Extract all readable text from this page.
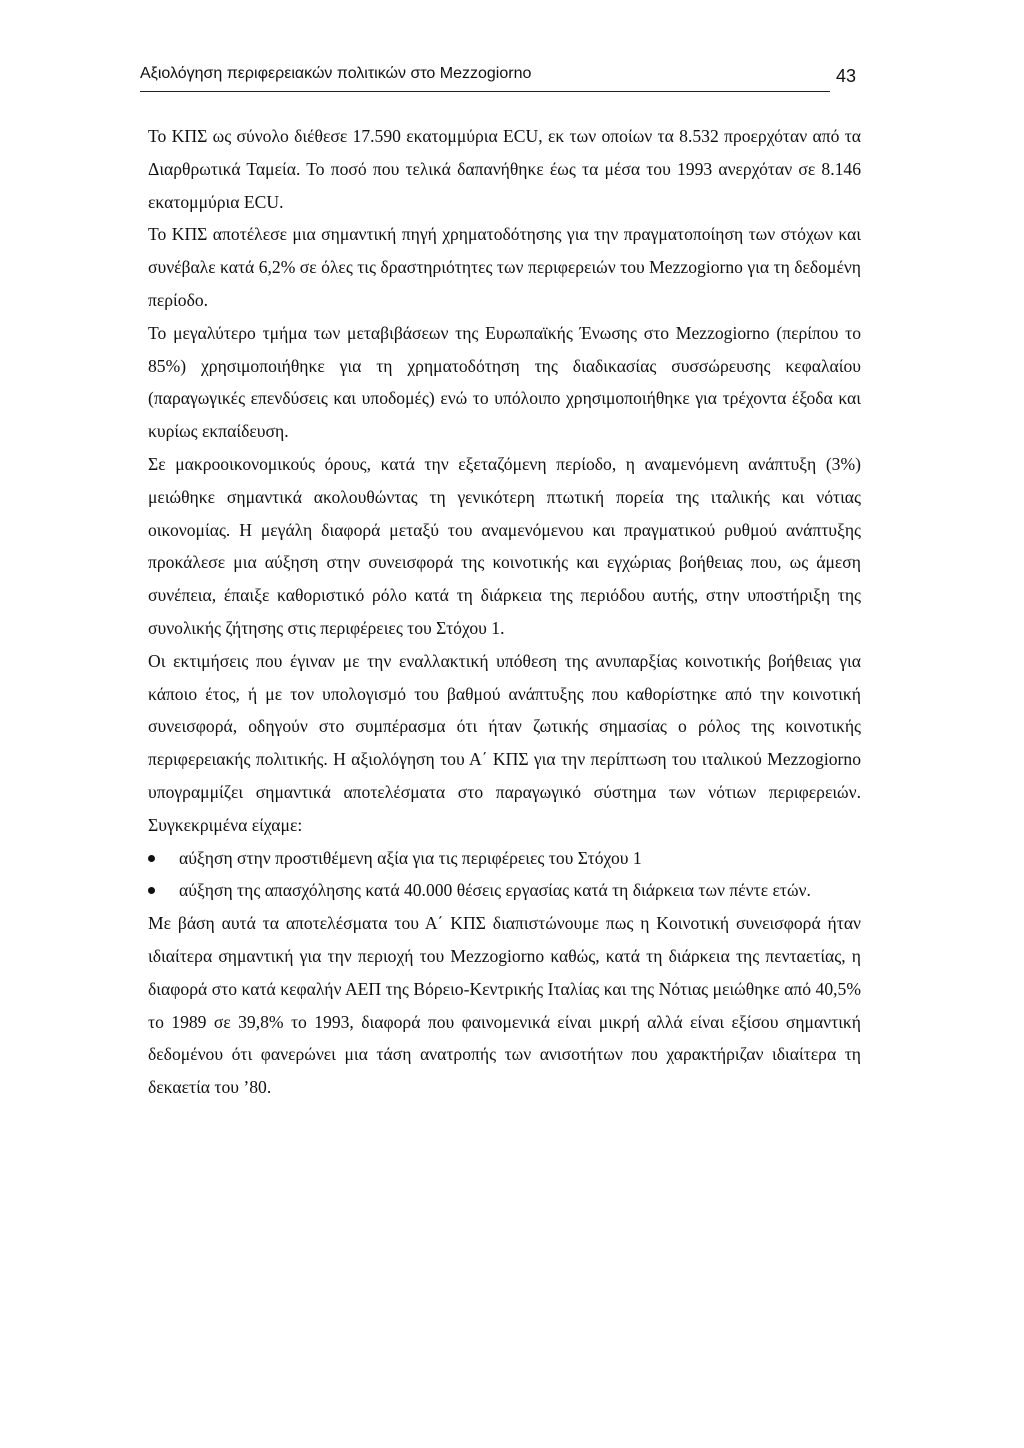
Αξιολόγηση περιφερειακών πολιτικών στο Mezzogiorno	43

Το ΚΠΣ ως σύνολο διέθεσε 17.590 εκατομμύρια ECU, εκ των οποίων τα 8.532 προερχόταν από τα Διαρθρωτικά Ταμεία. Το ποσό που τελικά δαπανήθηκε έως τα μέσα του 1993 ανερχόταν σε 8.146 εκατομμύρια ECU.

Το ΚΠΣ αποτέλεσε μια σημαντική πηγή χρηματοδότησης για την πραγματοποίηση των στόχων και συνέβαλε κατά 6,2% σε όλες τις δραστηριότητες των περιφερειών του Mezzogiorno για τη δεδομένη περίοδο.

Το μεγαλύτερο τμήμα των μεταβιβάσεων της Ευρωπαϊκής Ένωσης στο Mezzogiorno (περίπου το 85%) χρησιμοποιήθηκε για τη χρηματοδότηση της διαδικασίας συσσώρευσης κεφαλαίου (παραγωγικές επενδύσεις και υποδομές) ενώ το υπόλοιπο χρησιμοποιήθηκε για τρέχοντα έξοδα και κυρίως εκπαίδευση.

Σε μακροοικονομικούς όρους, κατά την εξεταζόμενη περίοδο, η αναμενόμενη ανάπτυξη (3%) μειώθηκε σημαντικά ακολουθώντας τη γενικότερη πτωτική πορεία της ιταλικής και νότιας οικονομίας. Η μεγάλη διαφορά μεταξύ του αναμενόμενου και πραγματικού ρυθμού ανάπτυξης προκάλεσε μια αύξηση στην συνεισφορά της κοινοτικής και εγχώριας βοήθειας που, ως άμεση συνέπεια, έπαιξε καθοριστικό ρόλο κατά τη διάρκεια της περιόδου αυτής, στην υποστήριξη της συνολικής ζήτησης στις περιφέρειες του Στόχου 1.

Οι εκτιμήσεις που έγιναν με την εναλλακτική υπόθεση της ανυπαρξίας κοινοτικής βοήθειας για κάποιο έτος, ή με τον υπολογισμό του βαθμού ανάπτυξης που καθορίστηκε από την κοινοτική συνεισφορά, οδηγούν στο συμπέρασμα ότι ήταν ζωτικής σημασίας ο ρόλος της κοινοτικής περιφερειακής πολιτικής. Η αξιολόγηση του Α΄ ΚΠΣ για την περίπτωση του ιταλικού Mezzogiorno υπογραμμίζει σημαντικά αποτελέσματα στο παραγωγικό σύστημα των νότιων περιφερειών. Συγκεκριμένα είχαμε:

αύξηση στην προστιθέμενη αξία για τις περιφέρειες του Στόχου 1
αύξηση της απασχόλησης κατά 40.000 θέσεις εργασίας κατά τη διάρκεια των πέντε ετών.

Με βάση αυτά τα αποτελέσματα του Α΄ ΚΠΣ διαπιστώνουμε πως η Κοινοτική συνεισφορά ήταν ιδιαίτερα σημαντική για την περιοχή του Mezzogiorno καθώς, κατά τη διάρκεια της πενταετίας, η διαφορά στο κατά κεφαλήν ΑΕΠ της Βόρειο-Κεντρικής Ιταλίας και της Νότιας μειώθηκε από 40,5% το 1989 σε 39,8% το 1993, διαφορά που φαινομενικά είναι μικρή αλλά είναι εξίσου σημαντική δεδομένου ότι φανερώνει μια τάση ανατροπής των ανισοτήτων που χαρακτήριζαν ιδιαίτερα τη δεκαετία του ’80.
